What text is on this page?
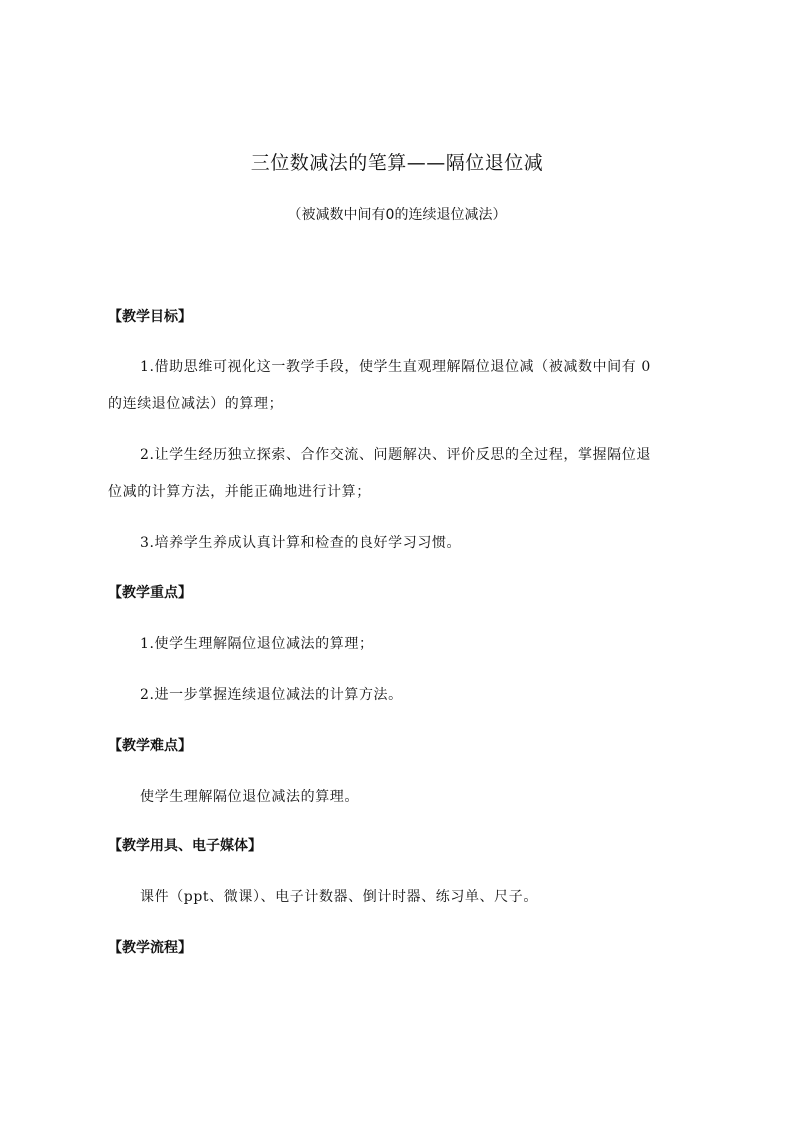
三位数减法的笔算——隔位退位减
（被减数中间有0的连续退位减法）
【教学目标】
1.借助思维可视化这一教学手段，使学生直观理解隔位退位减（被减数中间有 0
的连续退位减法）的算理；
2.让学生经历独立探索、合作交流、问题解决、评价反思的全过程，掌握隔位退
位减的计算方法，并能正确地进行计算；
3.培养学生养成认真计算和检查的良好学习习惯。
【教学重点】
1.使学生理解隔位退位减法的算理；
2.进一步掌握连续退位减法的计算方法。
【教学难点】
使学生理解隔位退位减法的算理。
【教学用具、电子媒体】
课件（ppt、微课）、电子计数器、倒计时器、练习单、尺子。
【教学流程】
